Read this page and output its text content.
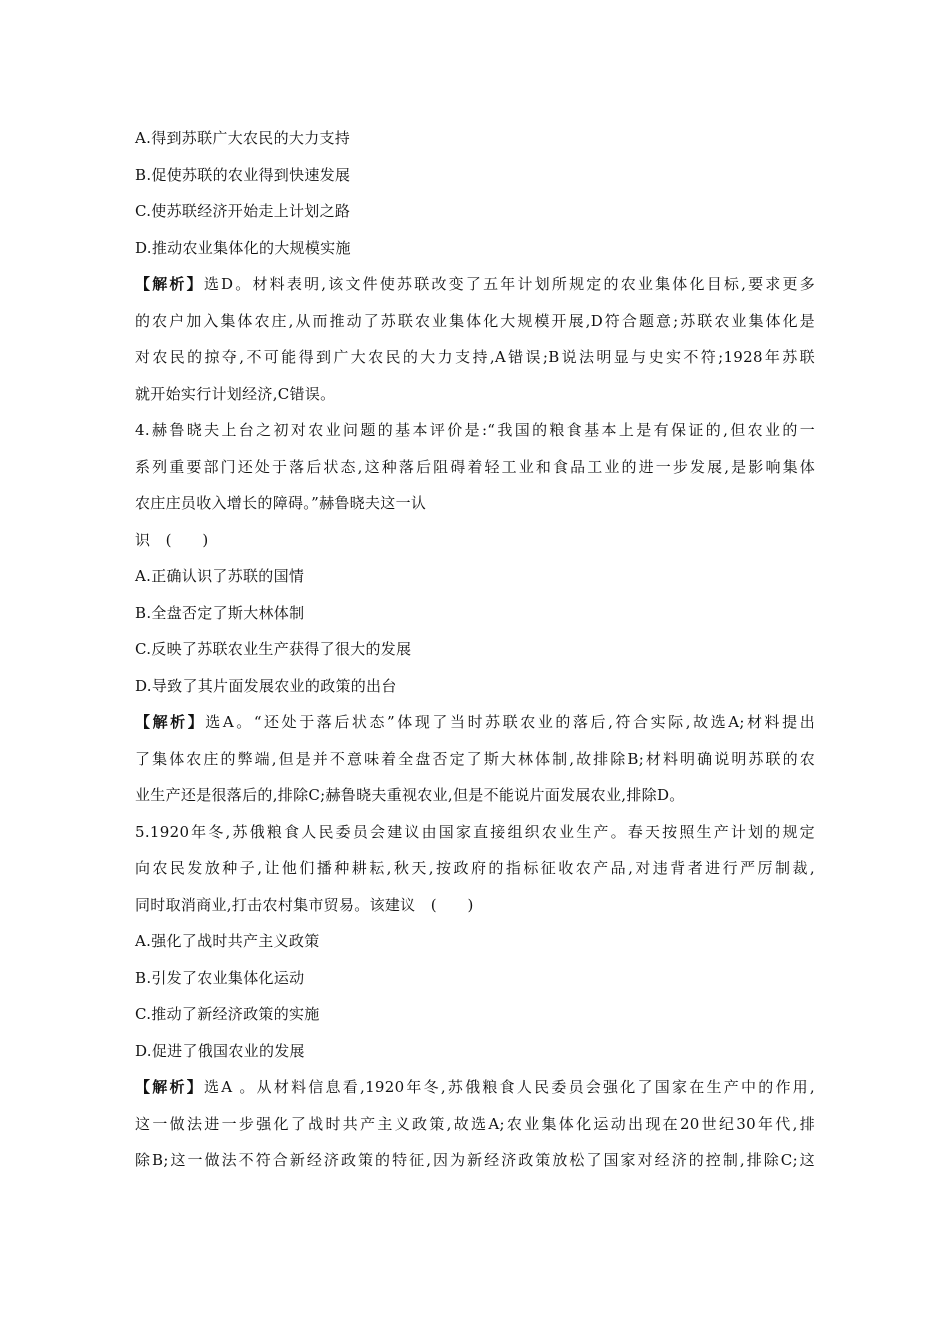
A.得到苏联广大农民的大力支持
B.促使苏联的农业得到快速发展
C.使苏联经济开始走上计划之路
D.推动农业集体化的大规模实施
【解析】选D。材料表明,该文件使苏联改变了五年计划所规定的农业集体化目标,要求更多
的农户加入集体农庄,从而推动了苏联农业集体化大规模开展,D符合题意;苏联农业集体化是
对农民的掠夺,不可能得到广大农民的大力支持,A错误;B说法明显与史实不符;1928年苏联
就开始实行计划经济,C错误。
4.赫鲁晓夫上台之初对农业问题的基本评价是:“我国的粮食基本上是有保证的,但农业的一
系列重要部门还处于落后状态,这种落后阻碍着轻工业和食品工业的进一步发展,是影响集体
农庄庄员收入增长的障碍。”赫鲁晓夫这一认
识　(　　)
A.正确认识了苏联的国情
B.全盘否定了斯大林体制
C.反映了苏联农业生产获得了很大的发展
D.导致了其片面发展农业的政策的出台
【解析】选A。“还处于落后状态”体现了当时苏联农业的落后,符合实际,故选A;材料提出
了集体农庄的弊端,但是并不意味着全盘否定了斯大林体制,故排除B;材料明确说明苏联的农
业生产还是很落后的,排除C;赫鲁晓夫重视农业,但是不能说片面发展农业,排除D。
5.1920年冬,苏俄粮食人民委员会建议由国家直接组织农业生产。春天按照生产计划的规定
向农民发放种子,让他们播种耕耘,秋天,按政府的指标征收农产品,对违背者进行严厉制裁,
同时取消商业,打击农村集市贸易。该建议　(　　)
A.强化了战时共产主义政策
B.引发了农业集体化运动
C.推动了新经济政策的实施
D.促进了俄国农业的发展
【解析】选A 。从材料信息看,1920年冬,苏俄粮食人民委员会强化了国家在生产中的作用,
这一做法进一步强化了战时共产主义政策,故选A;农业集体化运动出现在20世纪30年代,排
除B;这一做法不符合新经济政策的特征,因为新经济政策放松了国家对经济的控制,排除C;这
